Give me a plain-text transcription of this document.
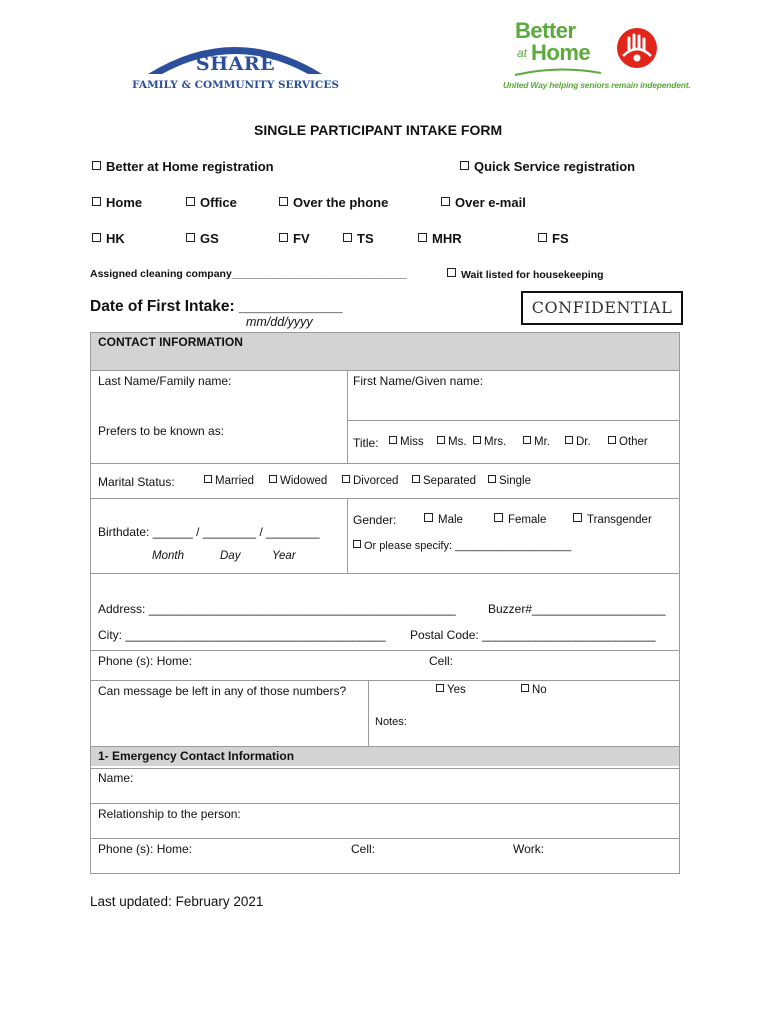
SHARE
FAMILY & COMMUNITY SERVICES
Better
at Home
United Way helping seniors remain independent.
SINGLE PARTICIPANT INTAKE FORM
Better at Home registration	Quick Service registration
Home	Office	Over the phone	Over e-mail
HK	GS	FV	TS	MHR	FS
Assigned cleaning company______________________________	Wait listed for housekeeping
Date of First Intake: ____________
mm/dd/yyyy
CONFIDENTIAL
CONTACT INFORMATION
Last Name/Family name:	First Name/Given name:
Prefers to be known as:
Title:	Miss	Ms.	Mrs.	Mr.	Dr.	Other
Marital Status:	Married	Widowed	Divorced	Separated	Single
Birthdate: ______ / ________ / ________
Month	Day	Year
Gender:	Male	Female	Transgender
Or please specify: ___________________
Address: ______________________________________________	Buzzer#____________________
City: _______________________________________ Postal Code: __________________________
Phone (s): Home:	Cell:
Can message be left in any of those numbers?	Yes	No
Notes:
1- Emergency Contact Information
Name:
Relationship to the person:
Phone (s): Home:	Cell:	Work:
Last updated: February 2021
